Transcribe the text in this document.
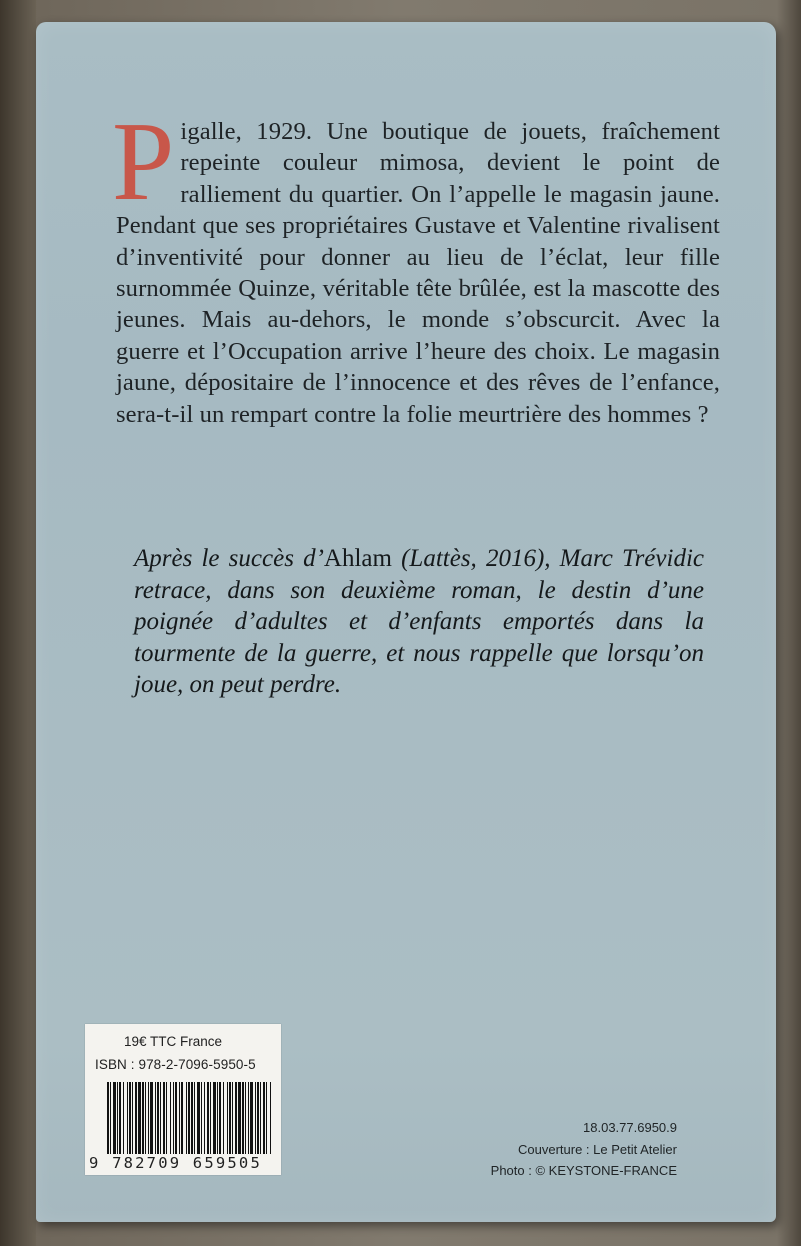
Pigalle, 1929. Une boutique de jouets, fraîchement repeinte couleur mimosa, devient le point de ralliement du quartier. On l’appelle le magasin jaune. Pendant que ses propriétaires Gustave et Valentine rivalisent d’inventivité pour donner au lieu de l’éclat, leur fille surnommée Quinze, véritable tête brûlée, est la mascotte des jeunes. Mais au-dehors, le monde s’obscurcit. Avec la guerre et l’Occupation arrive l’heure des choix. Le magasin jaune, dépositaire de l’innocence et des rêves de l’enfance, sera-t-il un rempart contre la folie meurtrière des hommes ?
Après le succès d’Ahlam (Lattès, 2016), Marc Trévidic retrace, dans son deuxième roman, le destin d’une poignée d’adultes et d’enfants emportés dans la tourmente de la guerre, et nous rappelle que lorsqu’on joue, on peut perdre.
19€ TTC France
ISBN : 978-2-7096-5950-5
9 782709 659505
18.03.77.6950.9
Couverture : Le Petit Atelier
Photo : © KEYSTONE-FRANCE
